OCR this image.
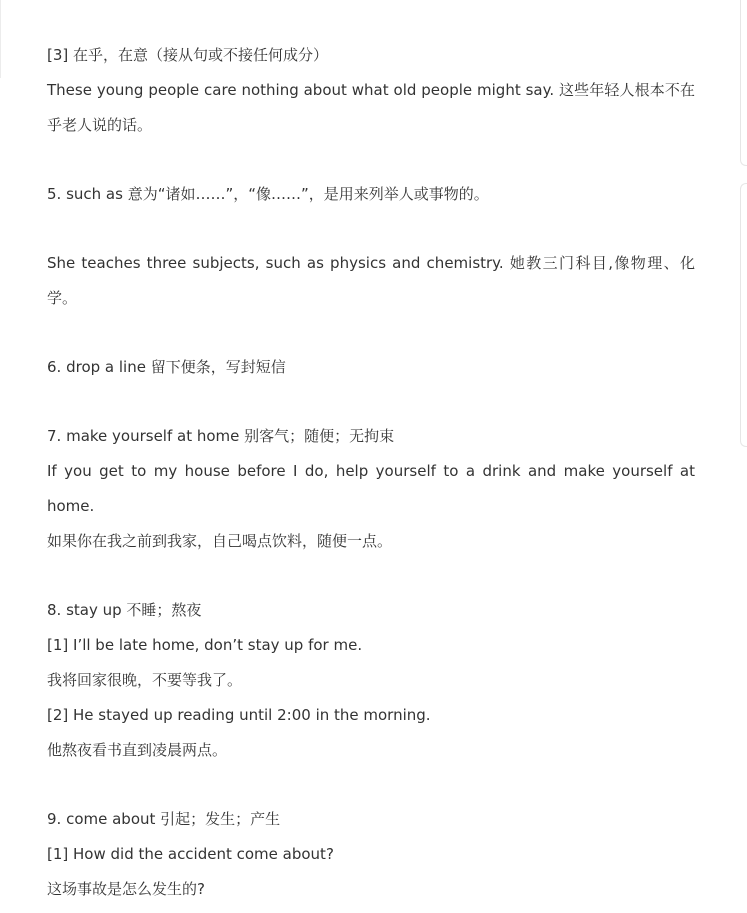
[3] 在乎，在意（接从句或不接任何成分）
These young people care nothing about what old people might say. 这些年轻人根本不在乎老人说的话。
5. such as 意为“诸如……”，“像……”，是用来列举人或事物的。
She teaches three subjects, such as physics and chemistry. 她教三门科目,像物理、化学。
6. drop a line 留下便条，写封短信
7. make yourself at home 别客气；随便；无拘束
If you get to my house before I do, help yourself to a drink and make yourself at home.
如果你在我之前到我家，自己喝点饮料，随便一点。
8. stay up 不睡；熬夜
[1] I’ll be late home, don’t stay up for me.
我将回家很晚，不要等我了。
[2] He stayed up reading until 2:00 in the morning.
他熬夜看书直到凌晨两点。
9. come about 引起；发生；产生
[1] How did the accident come about?
这场事故是怎么发生的?
